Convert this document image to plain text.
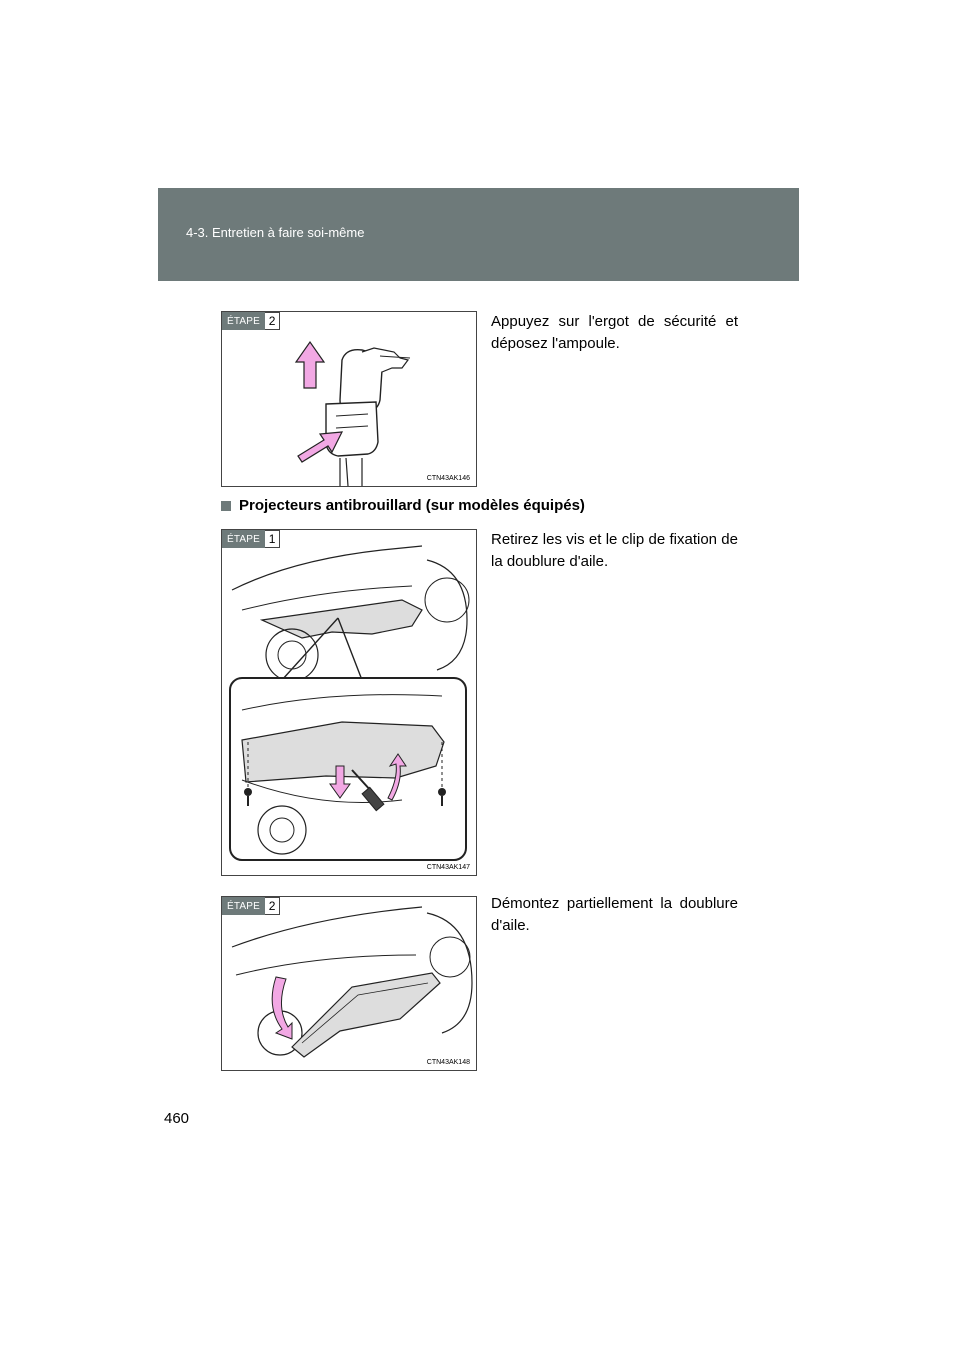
4-3. Entretien à faire soi-même
ÉTAPE 2
CTN43AK146
Appuyez sur l'ergot de sécurité et déposez l'ampoule.
Projecteurs antibrouillard (sur modèles équipés)
ÉTAPE 1
CTN43AK147
Retirez les vis et le clip de fixation de la doublure d'aile.
ÉTAPE 2
CTN43AK148
Démontez partiellement la doublure d'aile.
460
